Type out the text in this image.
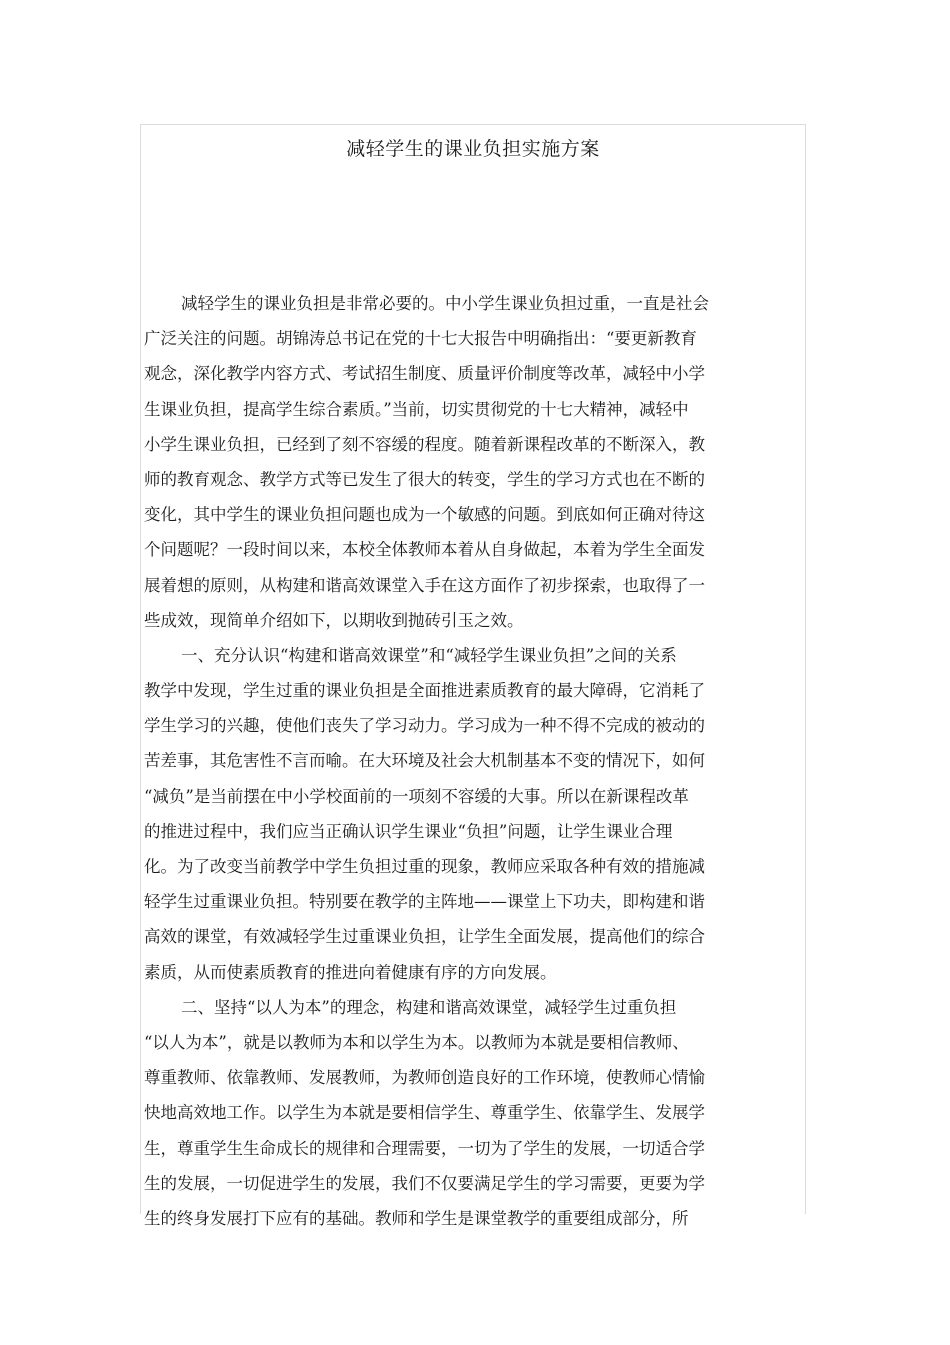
减轻学生的课业负担实施方案
减轻学生的课业负担是非常必要的。中小学生课业负担过重，一直是社会
广泛关注的问题。胡锦涛总书记在党的十七大报告中明确指出：“要更新教育
观念，深化教学内容方式、考试招生制度、质量评价制度等改革，减轻中小学
生课业负担，提高学生综合素质。”当前，切实贯彻党的十七大精神，减轻中
小学生课业负担，已经到了刻不容缓的程度。随着新课程改革的不断深入，教
师的教育观念、教学方式等已发生了很大的转变，学生的学习方式也在不断的
变化，其中学生的课业负担问题也成为一个敏感的问题。到底如何正确对待这
个问题呢？一段时间以来，本校全体教师本着从自身做起，本着为学生全面发
展着想的原则，从构建和谐高效课堂入手在这方面作了初步探索，也取得了一
些成效，现简单介绍如下，以期收到抛砖引玉之效。
一、充分认识“构建和谐高效课堂”和“减轻学生课业负担”之间的关系
教学中发现，学生过重的课业负担是全面推进素质教育的最大障碍，它消耗了
学生学习的兴趣，使他们丧失了学习动力。学习成为一种不得不完成的被动的
苦差事，其危害性不言而喻。在大环境及社会大机制基本不变的情况下，如何
“减负”是当前摆在中小学校面前的一项刻不容缓的大事。所以在新课程改革
的推进过程中，我们应当正确认识学生课业“负担”问题，让学生课业合理
化。为了改变当前教学中学生负担过重的现象，教师应采取各种有效的措施减
轻学生过重课业负担。特别要在教学的主阵地——课堂上下功夫，即构建和谐
高效的课堂，有效减轻学生过重课业负担，让学生全面发展，提高他们的综合
素质，从而使素质教育的推进向着健康有序的方向发展。
二、坚持“以人为本”的理念，构建和谐高效课堂，减轻学生过重负担
“以人为本”，就是以教师为本和以学生为本。以教师为本就是要相信教师、
尊重教师、依靠教师、发展教师，为教师创造良好的工作环境，使教师心情愉
快地高效地工作。以学生为本就是要相信学生、尊重学生、依靠学生、发展学
生，尊重学生生命成长的规律和合理需要，一切为了学生的发展，一切适合学
生的发展，一切促进学生的发展，我们不仅要满足学生的学习需要，更要为学
生的终身发展打下应有的基础。教师和学生是课堂教学的重要组成部分，所
